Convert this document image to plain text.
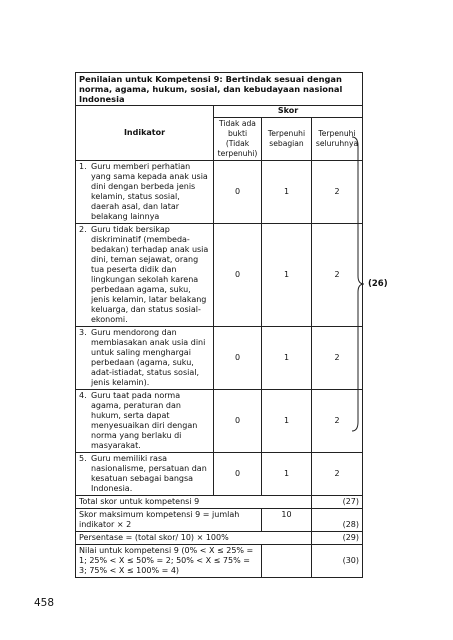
Penilaian untuk Kompetensi 9: Bertindak sesuai dengan norma, agama, hukum, sosial, dan kebudayaan nasional Indonesia			
Indikator	Skor		
	Tidak ada bukti (Tidak terpenuhi)	Terpenuhi sebagian	Terpenuhi seluruhnya
1. Guru memberi perhatian yang sama kepada anak usia dini dengan berbeda jenis kelamin, status sosial, daerah asal, dan latar belakang lainnya	0	1	2
2. Guru tidak bersikap diskriminatif (membeda-bedakan) terhadap anak usia dini, teman sejawat, orang tua peserta didik dan lingkungan sekolah karena perbedaan agama, suku, jenis kelamin, latar belakang keluarga, dan status sosial-ekonomi.	0	1	2
3. Guru mendorong dan membiasakan anak usia dini untuk saling menghargai perbedaan (agama, suku, adat-istiadat, status sosial, jenis kelamin).	0	1	2
4. Guru taat pada norma agama, peraturan dan hukum, serta dapat menyesuaikan diri dengan norma yang berlaku di masyarakat.	0	1	2
5. Guru memiliki rasa nasionalisme, persatuan dan kesatuan sebagai bangsa Indonesia.	0	1	2
Total skor untuk kompetensi 9			(27)
Skor maksimum kompetensi 9 = jumlah indikator × 2		10	(28)
Persentase = (total skor/ 10) × 100%			(29)
Nilai untuk kompetensi 9 (0% < X ≤ 25% = 1; 25% < X ≤ 50% = 2; 50% < X ≤ 75% = 3; 75% < X ≤ 100% = 4)			(30)
(26)
458
